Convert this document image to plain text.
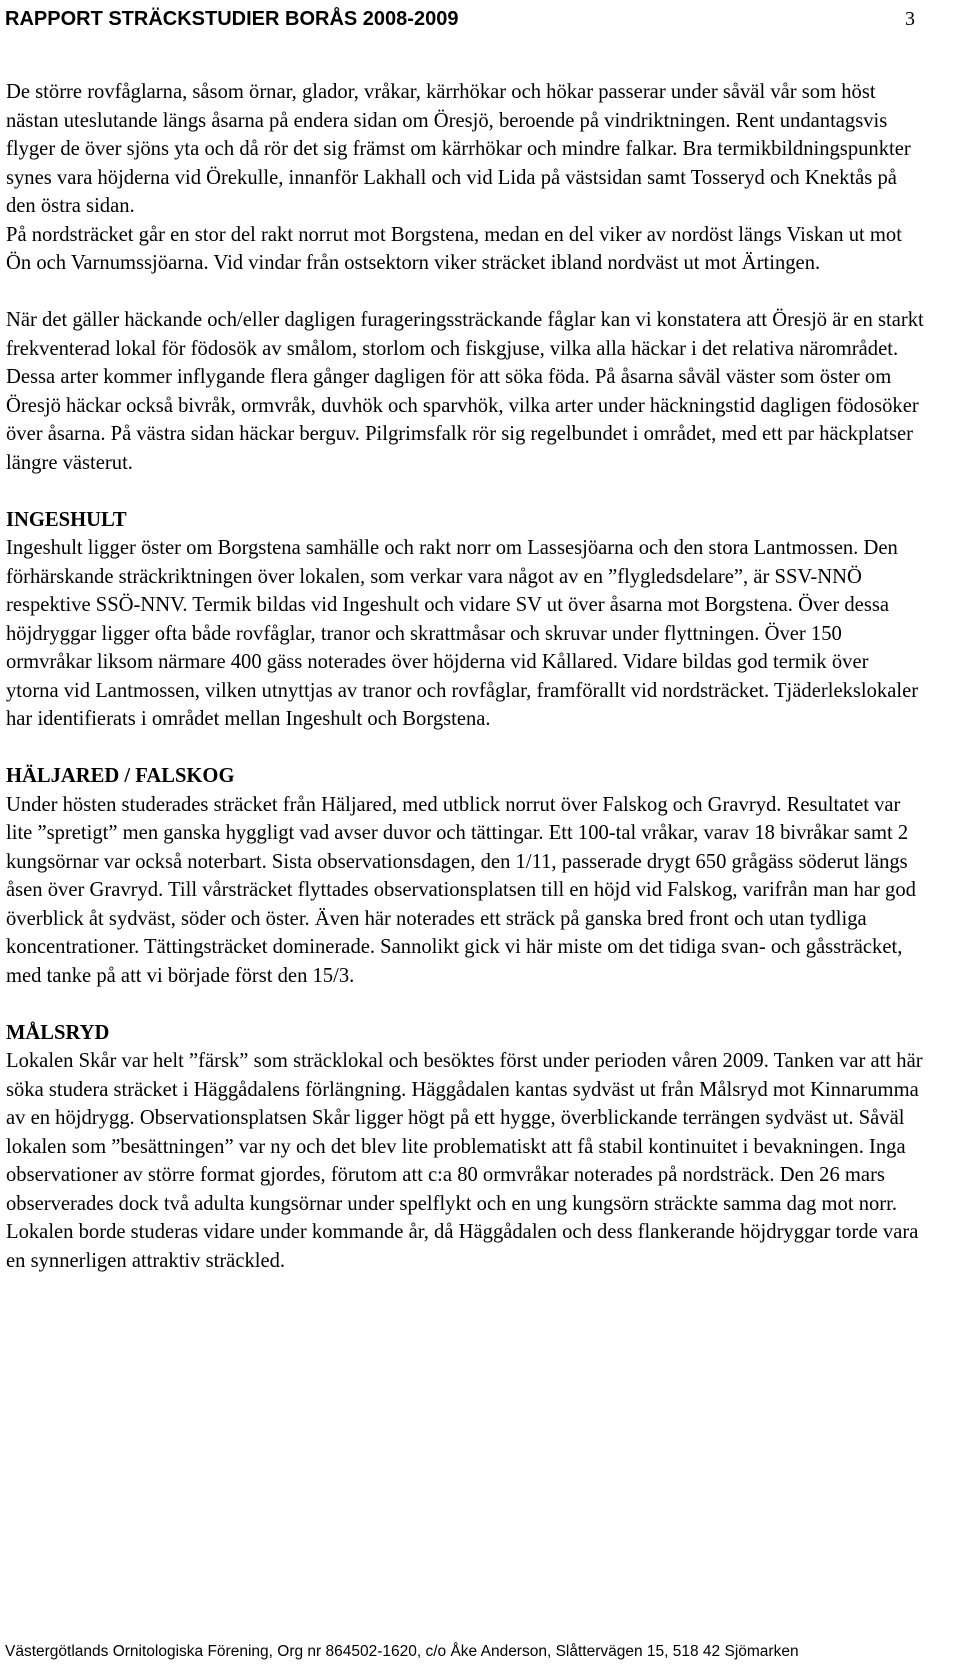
RAPPORT STRÄCKSTUDIER BORÅS 2008-2009	3

De större rovfåglarna, såsom örnar, glador, vråkar, kärrhökar och hökar passerar under såväl vår som höst nästan uteslutande längs åsarna på endera sidan om Öresjö, beroende på vindriktningen. Rent undantagsvis flyger de över sjöns yta och då rör det sig främst om kärrhökar och mindre falkar. Bra termikbildningspunkter synes vara höjderna vid Örekulle, innanför Lakhall och vid Lida på västsidan samt Tosseryd och Knektås på den östra sidan.

På nordsträcket går en stor del rakt norrut mot Borgstena, medan en del viker av nordöst längs Viskan ut mot Ön och Varnumssjöarna. Vid vindar från ostsektorn viker sträcket ibland nordväst ut mot Ärtingen.

När det gäller häckande och/eller dagligen furageringssträckande fåglar kan vi konstatera att Öresjö är en starkt frekventerad lokal för födosök av smålom, storlom och fiskgjuse, vilka alla häckar i det relativa närområdet. Dessa arter kommer inflygande flera gånger dagligen för att söka föda. På åsarna såväl väster som öster om Öresjö häckar också bivråk, ormvråk, duvhök och sparvhök, vilka arter under häckningstid dagligen födosöker över åsarna. På västra sidan häckar berguv. Pilgrimsfalk rör sig regelbundet i området, med ett par häckplatser längre västerut.

INGESHULT

Ingeshult ligger öster om Borgstena samhälle och rakt norr om Lassesjöarna och den stora Lantmossen. Den förhärskande sträckriktningen över lokalen, som verkar vara något av en ”flygledsdelare”, är SSV-NNÖ respektive SSÖ-NNV. Termik bildas vid Ingeshult och vidare SV ut över åsarna mot Borgstena. Över dessa höjdryggar ligger ofta både rovfåglar, tranor och skrattmåsar och skruvar under flyttningen. Över 150 ormvråkar liksom närmare 400 gäss noterades över höjderna vid Kållared. Vidare bildas god termik över ytorna vid Lantmossen, vilken utnyttjas av tranor och rovfåglar, framförallt vid nordsträcket. Tjäderlekslokaler har identifierats i området mellan Ingeshult och Borgstena.

HÄLJARED / FALSKOG

Under hösten studerades sträcket från Häljared, med utblick norrut över Falskog och Gravryd. Resultatet var lite ”spretigt” men ganska hyggligt vad avser duvor och tättingar. Ett 100-tal vråkar, varav 18 bivråkar samt 2 kungsörnar var också noterbart. Sista observationsdagen, den 1/11, passerade drygt 650 grågäss söderut längs åsen över Gravryd. Till vårsträcket flyttades observationsplatsen till en höjd vid Falskog, varifrån man har god överblick åt sydväst, söder och öster. Även här noterades ett sträck på ganska bred front och utan tydliga koncentrationer. Tättingsträcket dominerade. Sannolikt gick vi här miste om det tidiga svan- och gåssträcket, med tanke på att vi började först den 15/3.

MÅLSRYD

Lokalen Skår var helt ”färsk” som sträcklokal och besöktes först under perioden våren 2009. Tanken var att här söka studera sträcket i Häggådalens förlängning. Häggådalen kantas sydväst ut från Målsryd mot Kinnarumma av en höjdrygg. Observationsplatsen Skår ligger högt på ett hygge, överblickande terrängen sydväst ut. Såväl lokalen som ”besättningen” var ny och det blev lite problematiskt att få stabil kontinuitet i bevakningen. Inga observationer av större format gjordes, förutom att c:a 80 ormvråkar noterades på nordsträck. Den 26 mars observerades dock två adulta kungsörnar under spelflykt och en ung kungsörn sträckte samma dag mot norr. Lokalen borde studeras vidare under kommande år, då Häggådalen och dess flankerande höjdryggar torde vara en synnerligen attraktiv sträckled.

Västergötlands Ornitologiska Förening, Org nr 864502-1620, c/o Åke Anderson, Slåttervägen 15, 518 42 Sjömarken
